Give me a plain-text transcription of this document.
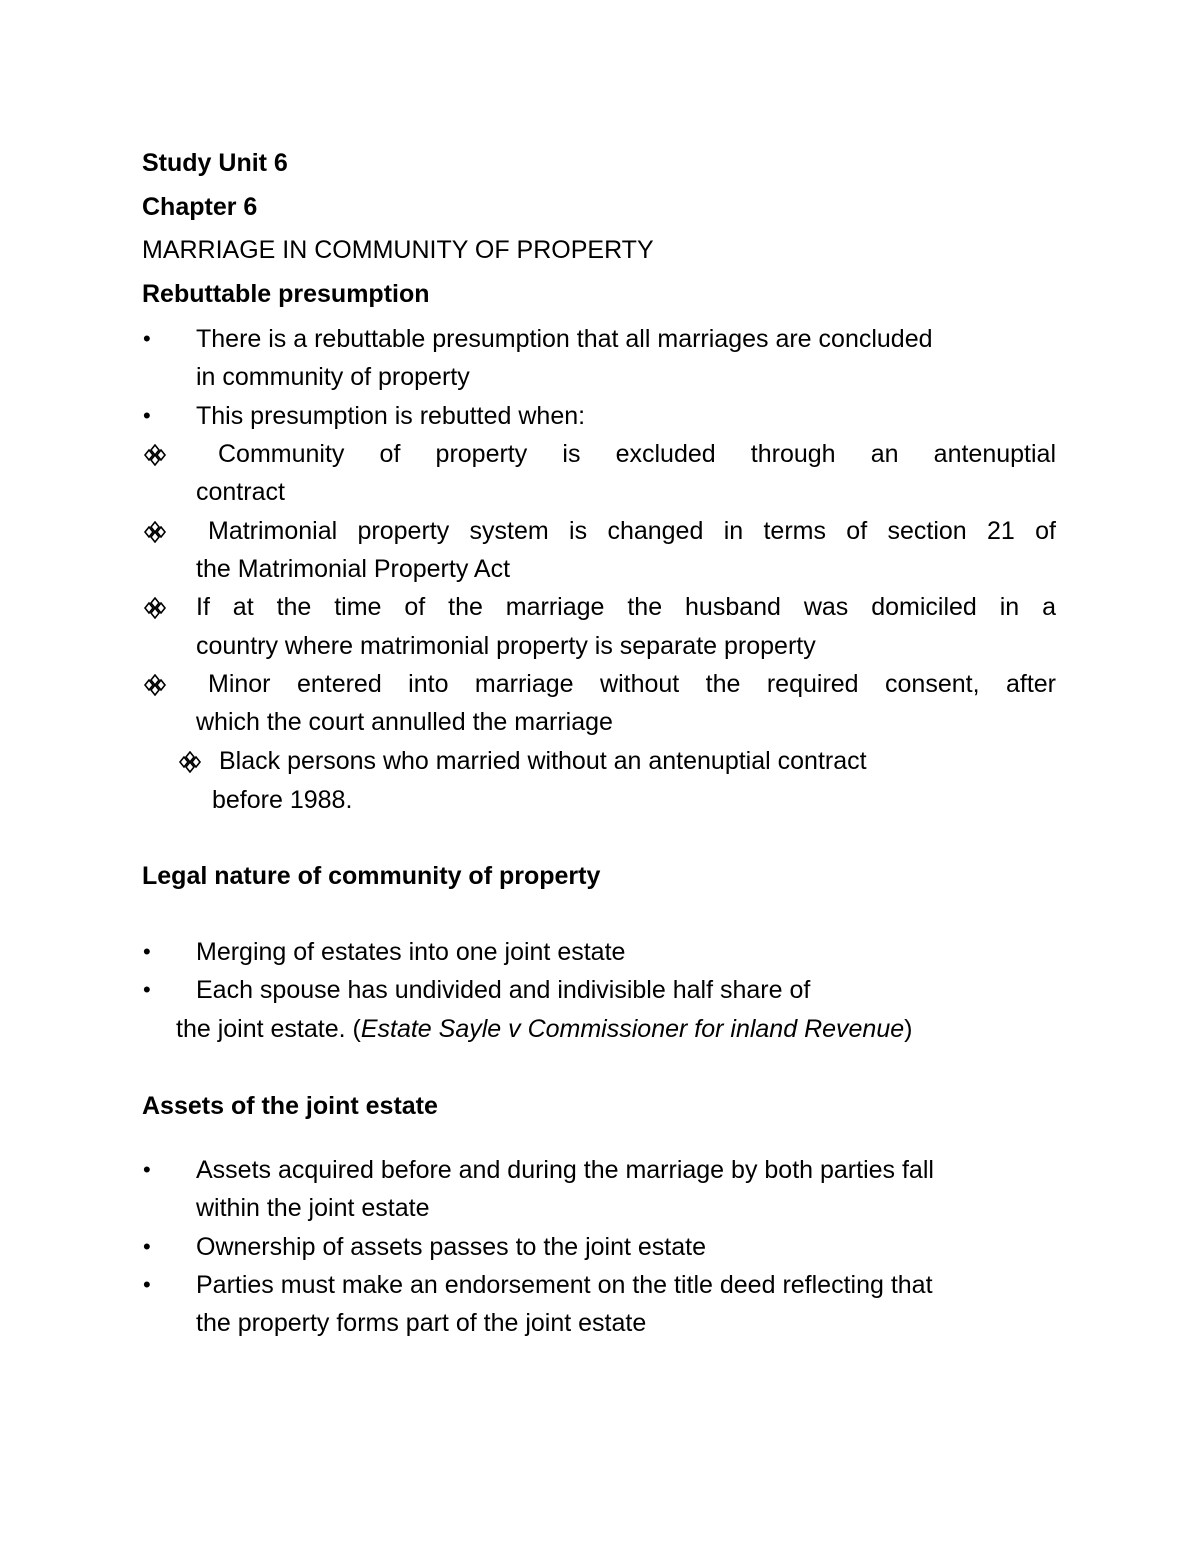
Study Unit 6
Chapter 6
MARRIAGE IN COMMUNITY OF PROPERTY
Rebuttable presumption
• There is a rebuttable presumption that all marriages are concluded
in community of property
• This presumption is rebutted when:
Community of property is excluded through an antenuptial
contract
Matrimonial property system is changed in terms of section 21 of
the Matrimonial Property Act
If at the time of the marriage the husband was domiciled in a
country where matrimonial property is separate property
Minor entered into marriage without the required consent, after
which the court annulled the marriage
Black persons who married without an antenuptial contract
before 1988.
Legal nature of community of property
• Merging of estates into one joint estate
• Each spouse has undivided and indivisible half share of
the joint estate. (Estate Sayle v Commissioner for inland Revenue)
Assets of the joint estate
• Assets acquired before and during the marriage by both parties fall
within the joint estate
• Ownership of assets passes to the joint estate
• Parties must make an endorsement on the title deed reflecting that
the property forms part of the joint estate
